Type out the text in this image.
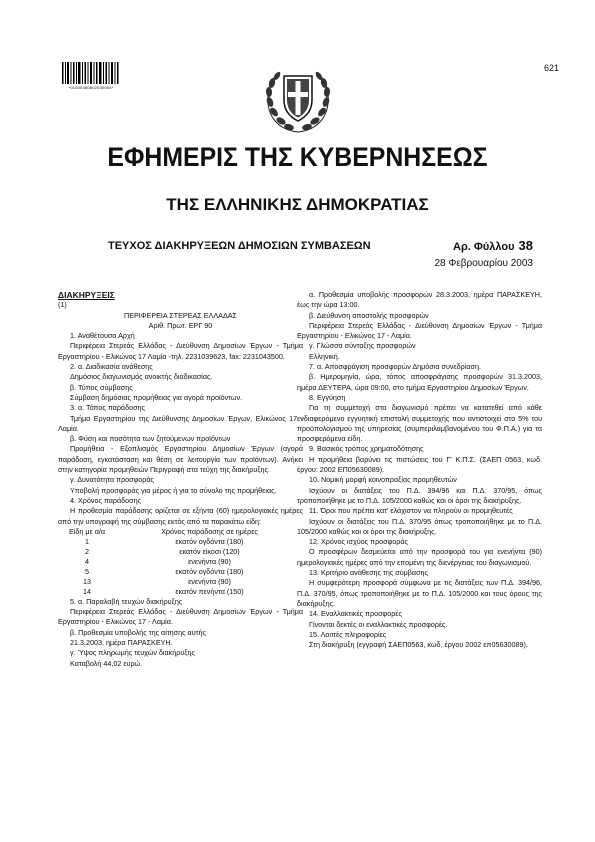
*01000380802030004*
621
ΕΦΗΜΕΡΙΣ ΤΗΣ ΚΥΒΕΡΝΗΣΕΩΣ
ΤΗΣ ΕΛΛΗΝΙΚΗΣ ΔΗΜΟΚΡΑΤΙΑΣ
ΤΕΥΧΟΣ ΔΙΑΚΗΡΥΞΕΩΝ ΔΗΜΟΣΙΩΝ ΣΥΜΒΑΣΕΩΝ	Αρ. Φύλλου 38
28 Φεβρουαρίου 2003

ΔΙΑΚΗΡΥΞΕΙΣ

(1)

ΠΕΡΙΦΕΡΕΙΑ ΣΤΕΡΕΑΣ ΕΛΛΑΔΑΣ

Αριθ. Πρωτ. ΕΡΓ 90

1. Αναθέτουσα Αρχή

Περιφέρεια Στερεάς Ελλάδας - Διεύθυνση Δημοσίων Έργων - Τμήμα Εργαστηρίου - Ελικώνος 17 Λαμία -τηλ. 2231039623, fax: 2231043500.

2. α. Διαδικασία ανάθεσης

Δημόσιος διαγωνισμός ανοικτής διαδικασίας.

β. Τύπος σύμβασης

Σύμβαση δημόσιας προμήθειας για αγορά προϊόντων.

3. α. Τόπος παράδοσης

Τμήμα Εργαστηρίου της Διεύθυνσης Δημοσίων Έργων, Ελικώνος 17 - Λαμία.

β. Φύση και ποσότητα των ζητούμενων προϊόντων

Προμήθεια - Εξοπλισμός Εργαστηρίου Δημοσίων Έργων (αγορά παράδοση, εγκατάσταση και θέση σε λειτουργία των προϊόντων). Ανήκει στην κατηγορία προμηθειών Περιγραφή στα τεύχη της διακήρυξης.

γ. Δυνατότητα προσφοράς

Υποβολή προσφοράς για μέρος ή για το σύνολο της προμήθειας.

4. Χρόνος παράδοσης

Η προθεσμία παράδοσης ορίζεται σε εξήντα (60) ημερολογιακές ημέρες από την υπογραφή της σύμβασης εκτός από τα παρακάτω είδη:

Είδη με α/α	Χρόνος παράδοσης σε ημέρες
1	εκατόν ογδόντα (180)
2	εκατόν είκοσι (120)
4	ενενήντα (90)
5	εκατόν ογδόντα (180)
13	ενενήντα (90)
14	εκατόν πενήντα (150)

5. α. Παραλαβή τευχών διακήρυξης

Περιφέρεια Στερεάς Ελλάδας - Διεύθυνση Δημοσίων Έργων - Τμήμα Εργαστηρίου - Ελικώνος 17 - Λαμία.

β. Προθεσμία υποβολής της αίτησης αυτής

21.3.2003, ημέρα ΠΑΡΑΣΚΕΥΗ.

γ. Ύψος πληρωμής τευχών διακήρυξης

Καταβολή 44,02 ευρώ.

α. Προθεσμία υποβολής προσφορών 28.3.2003, ημέρα ΠΑΡΑΣΚΕΥΗ, έως την ώρα 13:00.

β. Διεύθυνση αποστολής προσφορών

Περιφέρεια Στερεάς Ελλάδας - Διεύθυνση Δημοσίων Έργων - Τμήμα Εργαστηρίου - Ελικώνος 17 - Λαμία.

γ. Γλώσσα σύνταξης προσφορών

Ελληνική.

7. α. Αποσφράγιση προσφορών Δημόσια συνεδρίαση.

β. Ημερομηνία, ώρα, τόπος αποσφράγισης προσφορών 31.3.2003, ημέρα ΔΕΥΤΕΡΑ, ώρα 09:00, στο τμήμα Εργαστηρίου Δημοσίων Έργων.

8. Εγγύηση

Για τη συμμετοχή στο διαγωνισμό πρέπει να κατατεθεί από κάθε ενδιαφερόμενο εγγυητική επιστολή συμμετοχής που αντιστοιχεί στο 5% του προϋπολογισμού της υπηρεσίας (συμπεριλαμβανομένου του Φ.Π.Α.) για τα προσφερόμενα είδη.

9. Βασικός τρόπος χρηματοδότησης

Η προμήθεια βαρύνει τις πιστώσεις του Γ' Κ.Π.Σ. (ΣΑΕΠ 0563, κωδ. έργου: 2002 ΕΠ05630089).

10. Νομική μορφή κοινοπραξίας προμηθευτών

Ισχύουν οι διατάξεις του Π.Δ. 394/96 και Π.Δ. 370/95, όπως τροποποιήθηκε με το Π.Δ. 105/2000 καθώς και οι όροι της διακήρυξης.

11. Όροι που πρέπει κατ' ελάχιστον να πληρούν οι προμηθευτές

Ισχύουν οι διατάξεις του Π.Δ. 370/95 όπως τροποποιήθηκε με το Π.Δ. 105/2000 καθώς και οι όροι της διακήρυξης.

12. Χρόνος ισχύος προσφοράς

Ο προσφέρων δεσμεύεται από την προσφορά του για ενενήντα (90) ημερολογιακές ημέρες από την επομένη της διενέργειας του διαγωνισμού.

13. Κριτήριο ανάθεσης της σύμβασης

Η συμφερότερη προσφορά σύμφωνα με τις διατάξεις των Π.Δ. 394/96, Π.Δ. 370/95, όπως τροποποιήθηκε με το Π.Δ. 105/2000 και τους όρους της διακήρυξης.

14. Εναλλακτικές προσφορές

Γίνονται δεκτές οι εναλλακτικές προσφορές.

15. Λοιπές πληροφορίες

Στη διακήρυξη (εγγραφή ΣΑΕΠ0563, κωδ. έργου 2002 επ05630089).
